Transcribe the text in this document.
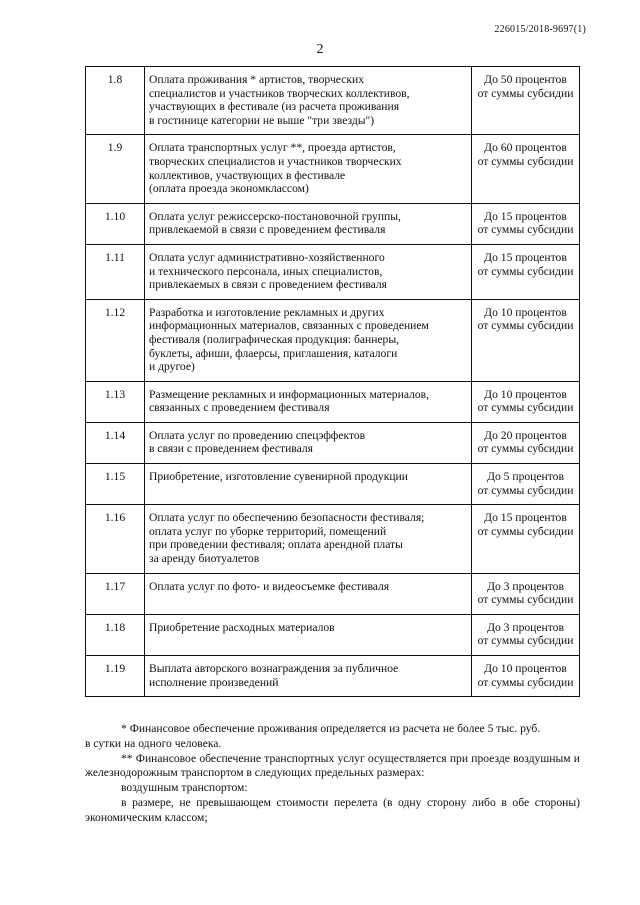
226015/2018-9697(1)
2
1.8	Оплата проживания * артистов, творческих
специалистов и участников творческих коллективов,
участвующих в фестивале (из расчета проживания
в гостинице категории не выше "три звезды")	До 50 процентов
от суммы субсидии
1.9	Оплата транспортных услуг **, проезда артистов,
творческих специалистов и участников творческих
коллективов, участвующих в фестивале
(оплата проезда экономклассом)	До 60 процентов
от суммы субсидии
1.10	Оплата услуг режиссерско-постановочной группы,
привлекаемой в связи с проведением фестиваля	До 15 процентов
от суммы субсидии
1.11	Оплата услуг административно-хозяйственного
и технического персонала, иных специалистов,
привлекаемых в связи с проведением фестиваля	До 15 процентов
от суммы субсидии
1.12	Разработка и изготовление рекламных и других
информационных материалов, связанных с проведением
фестиваля (полиграфическая продукция: баннеры,
буклеты, афиши, флаерсы, приглашения, каталоги
и другое)	До 10 процентов
от суммы субсидии
1.13	Размещение рекламных и информационных материалов,
связанных с проведением фестиваля	До 10 процентов
от суммы субсидии
1.14	Оплата услуг по проведению спецэффектов
в связи с проведением фестиваля	До 20 процентов
от суммы субсидии
1.15	Приобретение, изготовление сувенирной продукции	До 5 процентов
от суммы субсидии
1.16	Оплата услуг по обеспечению безопасности фестиваля;
оплата услуг по уборке территорий, помещений
при проведении фестиваля; оплата арендной платы
за аренду биотуалетов	До 15 процентов
от суммы субсидии
1.17	Оплата услуг по фото- и видеосъемке фестиваля	До 3 процентов
от суммы субсидии
1.18	Приобретение расходных материалов	До 3 процентов
от суммы субсидии
1.19	Выплата авторского вознаграждения за публичное
исполнение произведений	До 10 процентов
от суммы субсидии

* Финансовое обеспечение проживания определяется из расчета не более 5 тыс. руб.

в сутки на одного человека.

** Финансовое обеспечение транспортных услуг осуществляется при проезде воздушным и железнодорожным транспортом в следующих предельных размерах:

воздушным транспортом:

в размере, не превышающем стоимости перелета (в одну сторону либо в обе стороны) экономическим классом;
